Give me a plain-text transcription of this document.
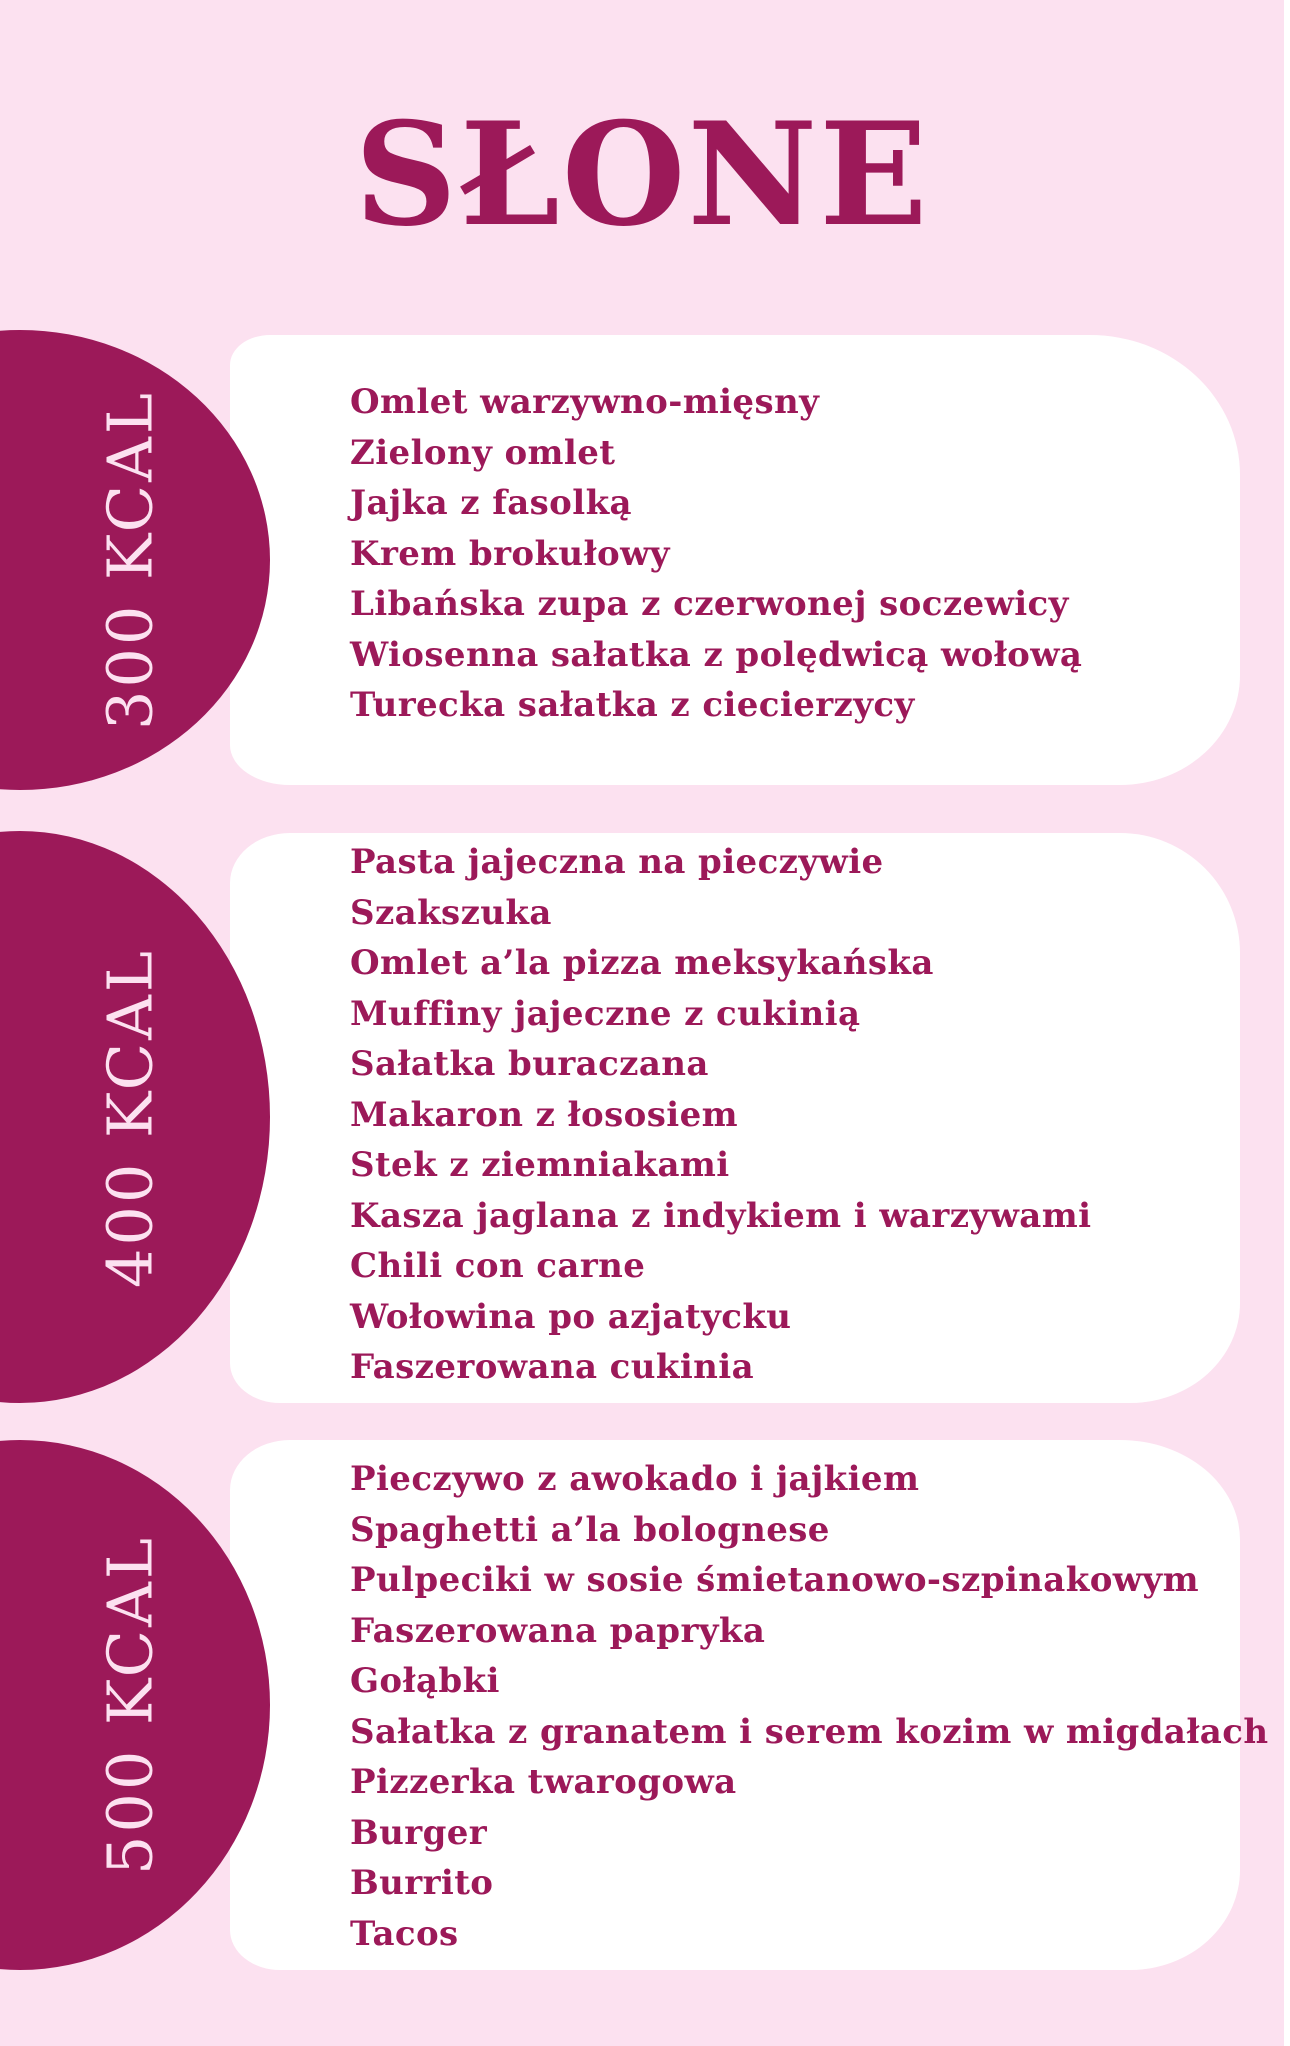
SŁONE
300 KCAL	Omlet warzywno-mięsny
Zielony omlet
Jajka z fasolką
Krem brokułowy
Libańska zupa z czerwonej soczewicy
Wiosenna sałatka z polędwicą wołową
Turecka sałatka z ciecierzycy
400 KCAL
Pasta jajeczna na pieczywie
Szakszuka
Omlet a’la pizza meksykańska
Muffiny jajeczne z cukinią
Sałatka buraczana
Makaron z łososiem
Stek z ziemniakami
Kasza jaglana z indykiem i warzywami
Chili con carne
Wołowina po azjatycku
Faszerowana cukinia
500 KCAL
Pieczywo z awokado i jajkiem
Spaghetti a’la bolognese
Pulpeciki w sosie śmietanowo-szpinakowym
Faszerowana papryka
Gołąbki
Sałatka z granatem i serem kozim w migdałach
Pizzerka twarogowa
Burger
Burrito
Tacos
